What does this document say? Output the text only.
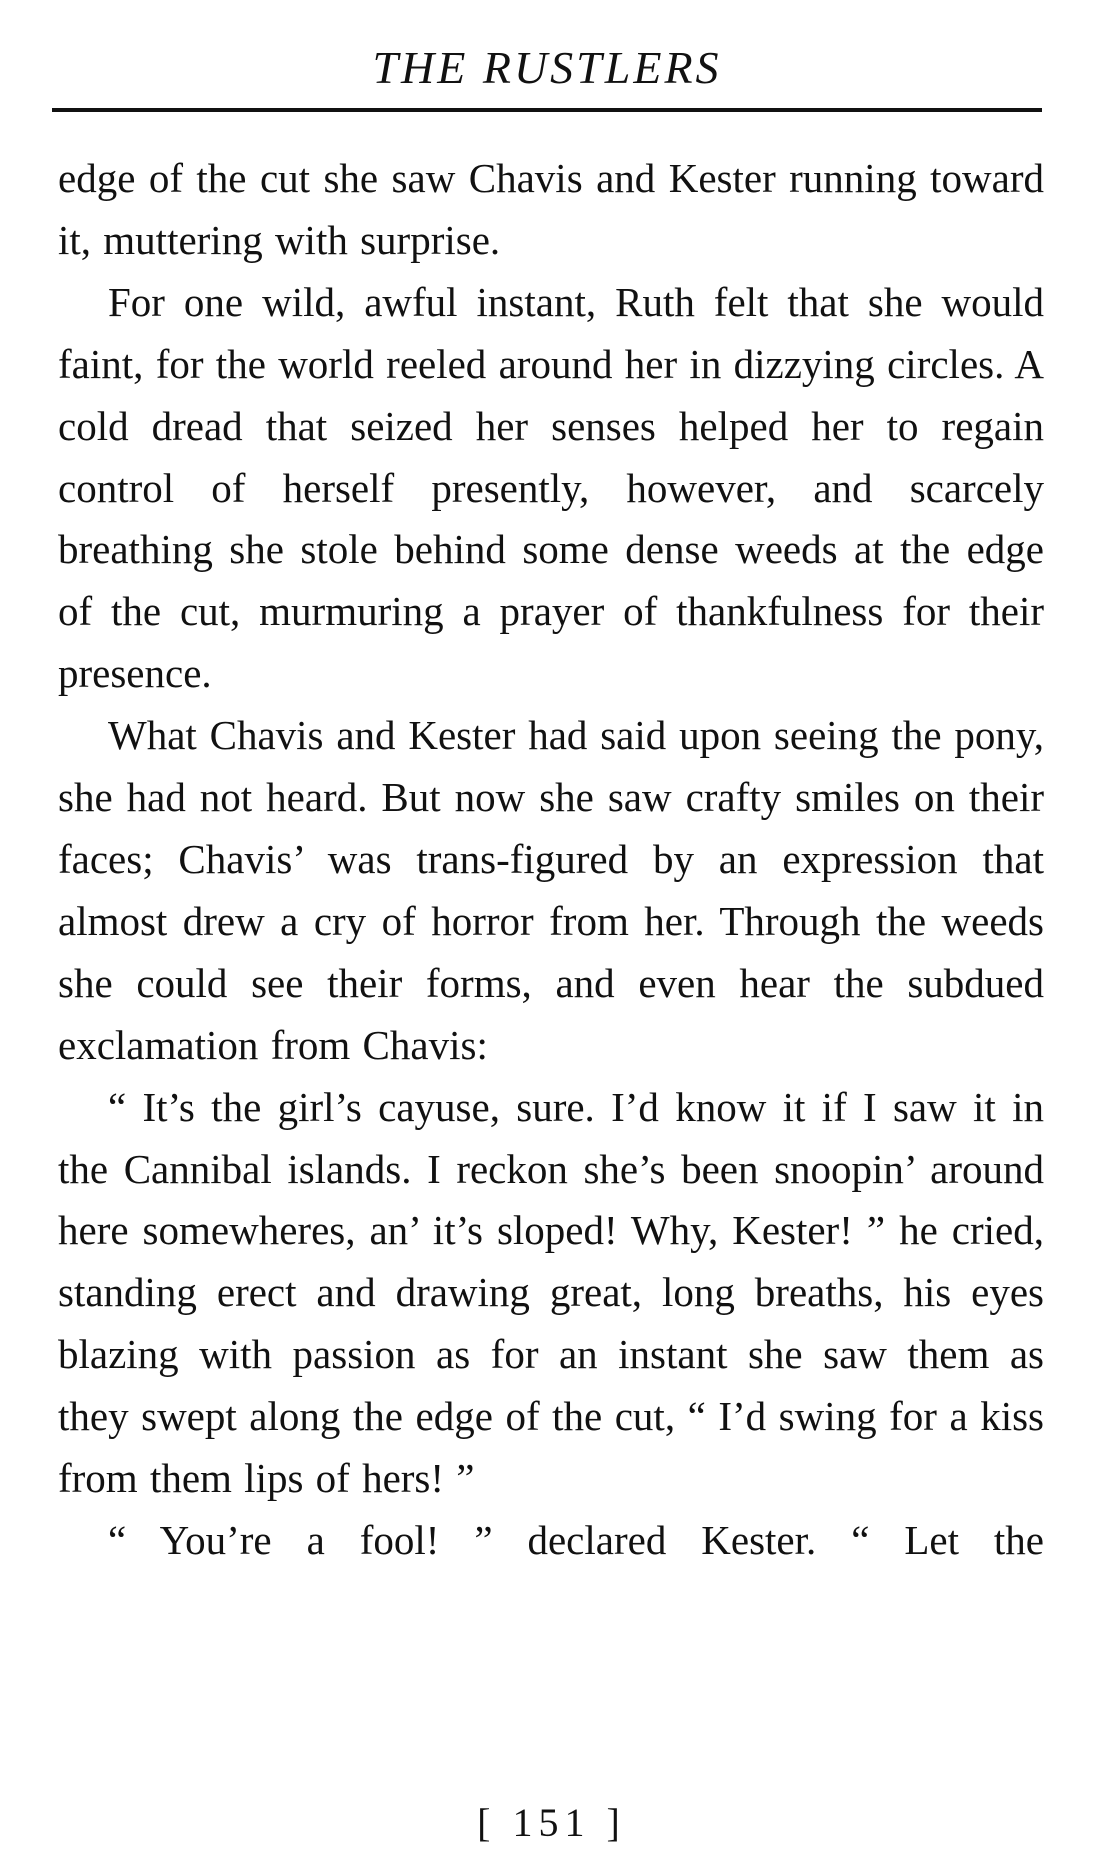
THE RUSTLERS

edge of the cut she saw Chavis and Kester running toward it, muttering with surprise.

For one wild, awful instant, Ruth felt that she would faint, for the world reeled around her in dizzying circles. A cold dread that seized her senses helped her to regain control of herself presently, however, and scarcely breathing she stole behind some dense weeds at the edge of the cut, murmuring a prayer of thankfulness for their presence.

What Chavis and Kester had said upon seeing the pony, she had not heard. But now she saw crafty smiles on their faces; Chavis’ was trans-figured by an expression that almost drew a cry of horror from her. Through the weeds she could see their forms, and even hear the subdued exclamation from Chavis:

“ It’s the girl’s cayuse, sure. I’d know it if I saw it in the Cannibal islands. I reckon she’s been snoopin’ around here somewheres, an’ it’s sloped! Why, Kester! ” he cried, standing erect and drawing great, long breaths, his eyes blazing with passion as for an instant she saw them as they swept along the edge of the cut, “ I’d swing for a kiss from them lips of hers! ”

“ You’re a fool! ” declared Kester. “ Let the

[ 151 ]
